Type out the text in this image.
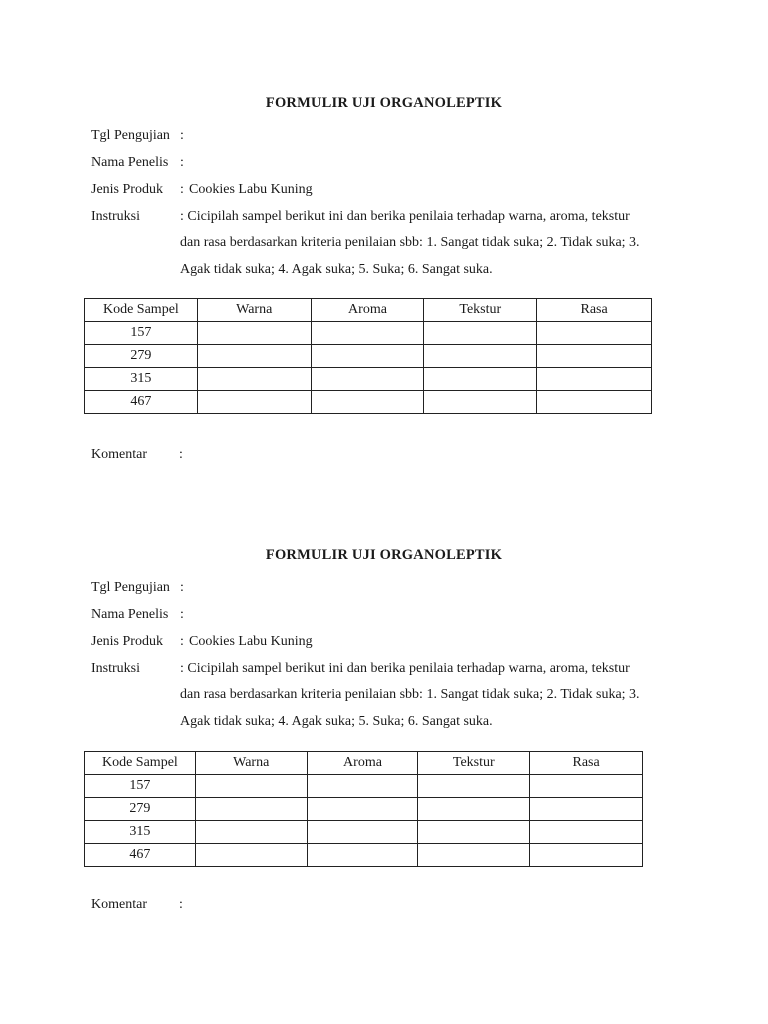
FORMULIR UJI ORGANOLEPTIK
Tgl Pengujian :
Nama Penelis :
Jenis Produk : Cookies Labu Kuning
Instruksi	: Cicipilah sampel berikut ini dan berika penilaia terhadap warna, aroma, tekstur
dan rasa berdasarkan kriteria penilaian sbb: 1. Sangat tidak suka; 2. Tidak suka; 3.
Agak tidak suka; 4. Agak suka; 5. Suka; 6. Sangat suka.
Kode Sampel	Warna	Aroma	Tekstur	Rasa
157				
279				
315				
467				
Komentar :
FORMULIR UJI ORGANOLEPTIK
Tgl Pengujian :
Nama Penelis :
Jenis Produk : Cookies Labu Kuning
Instruksi	: Cicipilah sampel berikut ini dan berika penilaia terhadap warna, aroma, tekstur
dan rasa berdasarkan kriteria penilaian sbb: 1. Sangat tidak suka; 2. Tidak suka; 3.
Agak tidak suka; 4. Agak suka; 5. Suka; 6. Sangat suka.
Kode Sampel	Warna	Aroma	Tekstur	Rasa
157				
279				
315				
467				
Komentar :
